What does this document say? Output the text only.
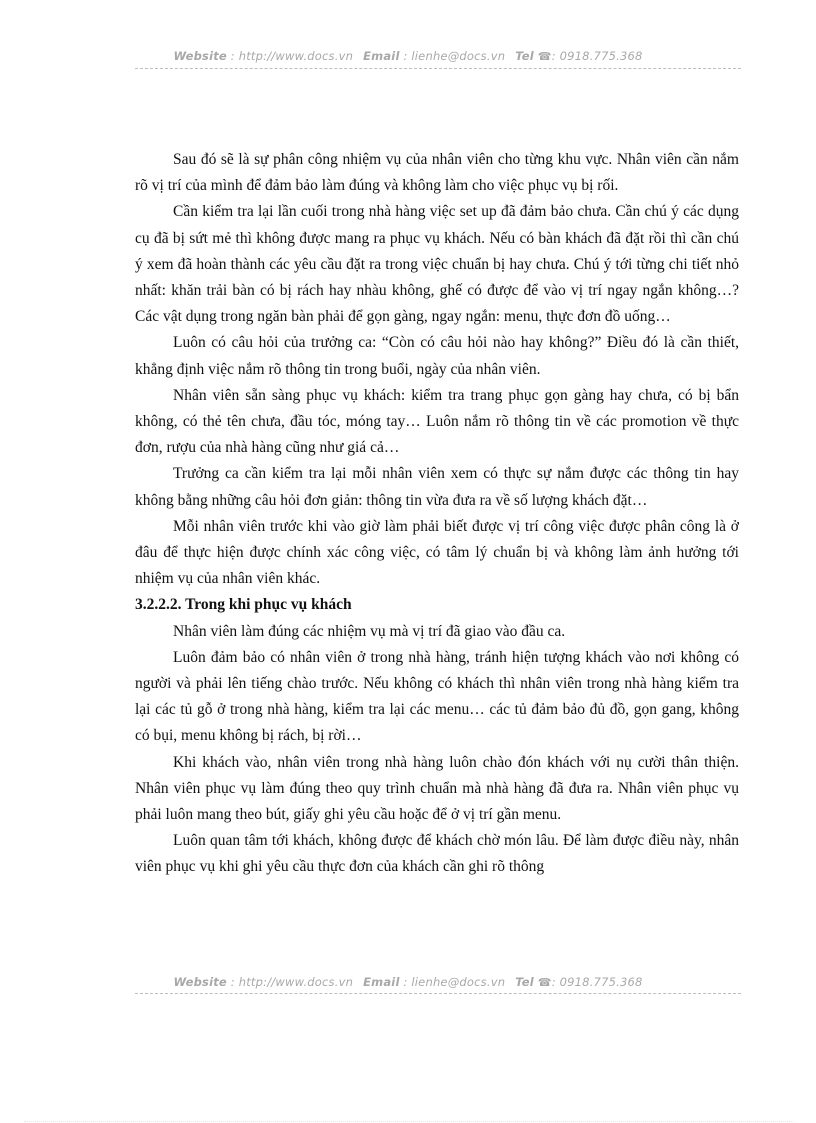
Website : http://www.docs.vn Email : lienhe@docs.vn Tel ☎: 0918.775.368

Sau đó sẽ là sự phân công nhiệm vụ của nhân viên cho từng khu vực. Nhân viên cần nắm rõ vị trí của mình để đảm bảo làm đúng và không làm cho việc phục vụ bị rối.

Cần kiểm tra lại lần cuối trong nhà hàng việc set up đã đảm bảo chưa. Cần chú ý các dụng cụ đã bị sứt mẻ thì không được mang ra phục vụ khách. Nếu có bàn khách đã đặt rồi thì cần chú ý xem đã hoàn thành các yêu cầu đặt ra trong việc chuẩn bị hay chưa. Chú ý tới từng chi tiết nhỏ nhất: khăn trải bàn có bị rách hay nhàu không, ghế có được để vào vị trí ngay ngắn không…? Các vật dụng trong ngăn bàn phải để gọn gàng, ngay ngắn: menu, thực đơn đồ uống…

Luôn có câu hỏi của trưởng ca: “Còn có câu hỏi nào hay không?” Điều đó là cần thiết, khẳng định việc nắm rõ thông tin trong buổi, ngày của nhân viên.

Nhân viên sẵn sàng phục vụ khách: kiểm tra trang phục gọn gàng hay chưa, có bị bẩn không, có thẻ tên chưa, đầu tóc, móng tay… Luôn nắm rõ thông tin về các promotion về thực đơn, rượu của nhà hàng cũng như giá cả…

Trưởng ca cần kiểm tra lại mỗi nhân viên xem có thực sự nắm được các thông tin hay không bằng những câu hỏi đơn giản: thông tin vừa đưa ra về số lượng khách đặt…

Mỗi nhân viên trước khi vào giờ làm phải biết được vị trí công việc được phân công là ở đâu để thực hiện được chính xác công việc, có tâm lý chuẩn bị và không làm ảnh hưởng tới nhiệm vụ của nhân viên khác.

3.2.2.2. Trong khi phục vụ khách

Nhân viên làm đúng các nhiệm vụ mà vị trí đã giao vào đầu ca.

Luôn đảm bảo có nhân viên ở trong nhà hàng, tránh hiện tượng khách vào nơi không có người và phải lên tiếng chào trước. Nếu không có khách thì nhân viên trong nhà hàng kiểm tra lại các tủ gỗ ở trong nhà hàng, kiểm tra lại các menu… các tủ đảm bảo đủ đồ, gọn gang, không có bụi, menu không bị rách, bị rời…

Khi khách vào, nhân viên trong nhà hàng luôn chào đón khách với nụ cười thân thiện. Nhân viên phục vụ làm đúng theo quy trình chuẩn mà nhà hàng đã đưa ra. Nhân viên phục vụ phải luôn mang theo bút, giấy ghi yêu cầu hoặc để ở vị trí gần menu.

Luôn quan tâm tới khách, không được để khách chờ món lâu. Để làm được điều này, nhân viên phục vụ khi ghi yêu cầu thực đơn của khách cần ghi rõ thông

Website : http://www.docs.vn Email : lienhe@docs.vn Tel ☎: 0918.775.368
